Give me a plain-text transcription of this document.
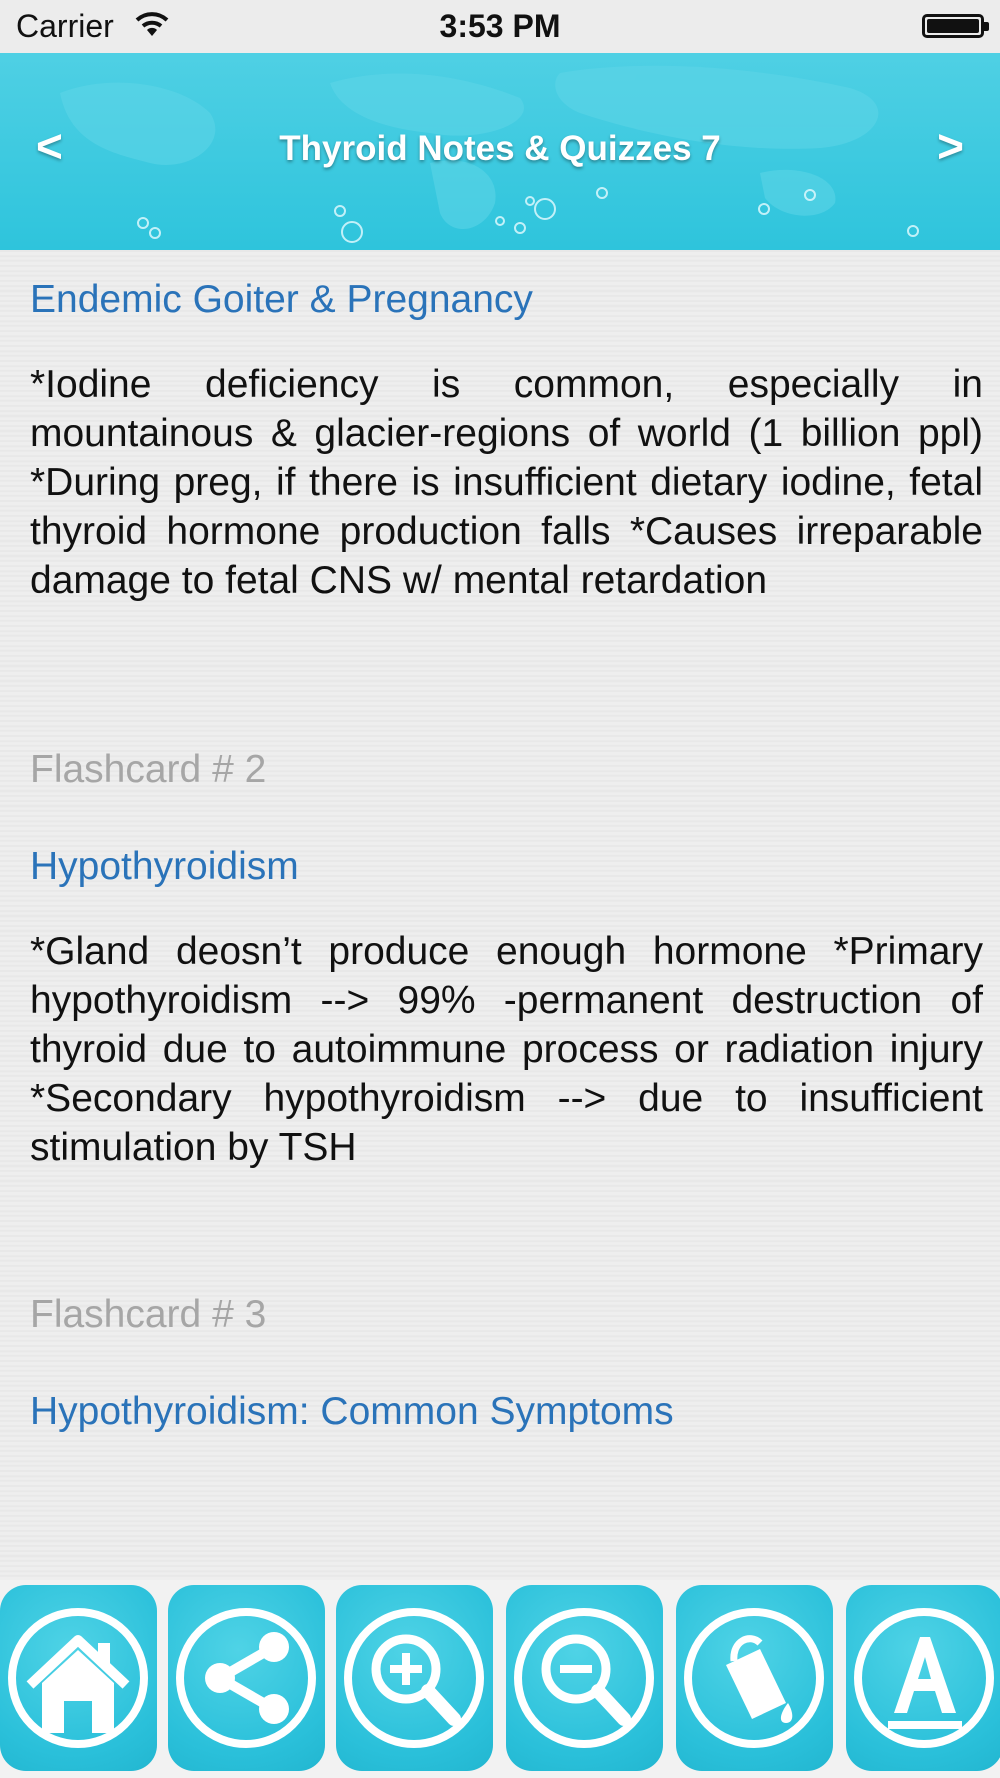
Carrier	3:53 PM
<	Thyroid Notes & Quizzes 7	>
Endemic Goiter & Pregnancy
*Iodine deficiency is common, especially in mountainous & glacier-regions of world (1 billion ppl) *During preg, if there is insufficient dietary iodine, fetal thyroid hormone production falls *Causes irreparable damage to fetal CNS w/ mental retardation
Flashcard # 2
Hypothyroidism
*Gland deosn’t produce enough hormone *Primary hypothyroidism --> 99% -permanent destruction of thyroid due to autoimmune process or radiation injury *Secondary hypothyroidism --> due to insufficient stimulation by TSH
Flashcard # 3
Hypothyroidism: Common Symptoms
